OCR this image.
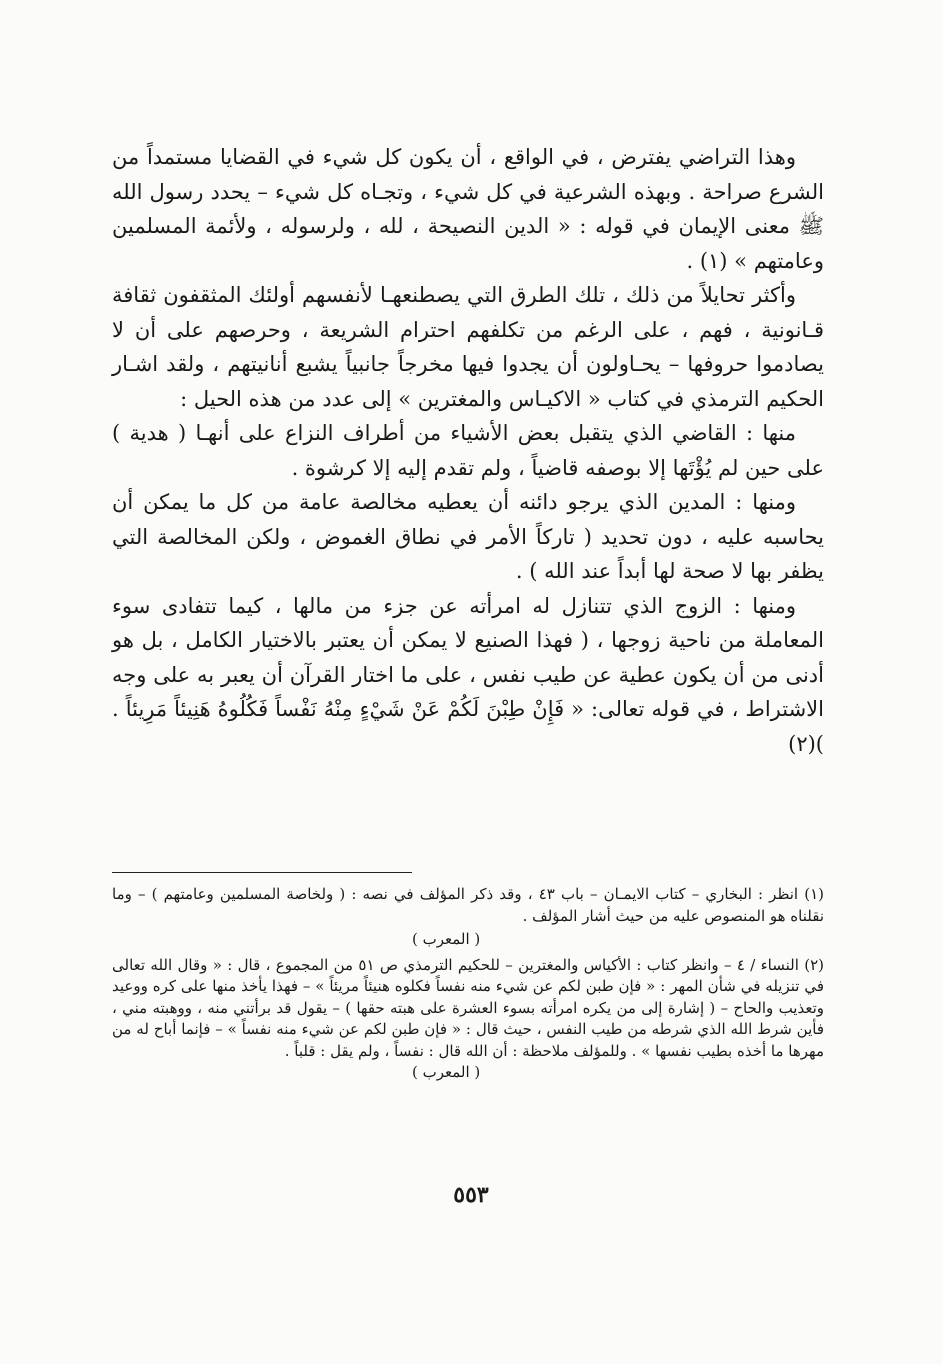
وهذا التراضي يفترض ، في الواقع ، أن يكون كل شيء في القضايا مستمداً من الشرع صراحة . وبهذه الشرعية في كل شيء ، وتجـاه كل شيء – يحدد رسول الله ﷺ معنى الإيمان في قوله : « الدين النصيحة ، لله ، ولرسوله ، ولأئمة المسلمين وعامتهم » (١) .

وأكثر تحايلاً من ذلك ، تلك الطرق التي يصطنعهـا لأنفسهم أولئك المثقفون ثقافة قـانونية ، فهم ، على الرغم من تكلفهم احترام الشريعة ، وحرصهم على أن لا يصادموا حروفها – يحـاولون أن يجدوا فيها مخرجاً جانبياً يشبع أنانيتهم ، ولقد اشـار الحكيم الترمذي في كتاب « الاكيـاس والمغترين » إلى عدد من هذه الحيل :

منها : القاضي الذي يتقبل بعض الأشياء من أطراف النزاع على أنهـا ( هدية ) على حين لم يُؤْتَها إلا بوصفه قاضياً ، ولم تقدم إليه إلا كرشوة .

ومنها : المدين الذي يرجو دائنه أن يعطيه مخالصة عامة من كل ما يمكن أن يحاسبه عليه ، دون تحديد ( تاركاً الأمر في نطاق الغموض ، ولكن المخالصة التي يظفر بها لا صحة لها أبداً عند الله ) .

ومنها : الزوج الذي تتنازل له امرأته عن جزء من مالها ، كيما تتفادى سوء المعاملة من ناحية زوجها ، ( فهذا الصنيع لا يمكن أن يعتبر بالاختيار الكامل ، بل هو أدنى من أن يكون عطية عن طيب نفس ، على ما اختار القرآن أن يعبر به على وجه الاشتراط ، في قوله تعالى: « فَإِنْ طِبْنَ لَكُمْ عَنْ شَيْءٍ مِنْهُ نَفْساً فَكُلُوهُ هَنِيئاً مَرِيئاً . )(٢)

(١) انظر : البخاري – كتاب الايمـان – باب ٤٣ ، وقد ذكر المؤلف في نصه : ( ولخاصة المسلمين وعامتهم ) – وما نقلناه هو المنصوص عليه من حيث أشار المؤلف .

( المعرب )

(٢) النساء / ٤ – وانظر كتاب : الأكياس والمغترين – للحكيم الترمذي ص ٥١ من المجموع ، قال : « وقال الله تعالى في تنزيله في شأن المهر : « فإن طبن لكم عن شيء منه نفساً فكلوه هنيئاً مريئاً » – فهذا يأخذ منها على كره ووعيد وتعذيب والحاح – ( إشارة إلى من يكره امرأته بسوء العشرة على هبته حقها ) – يقول قد برأتني منه ، ووهبته مني ، فأين شرط الله الذي شرطه من طيب النفس ، حيث قال : « فإن طبن لكم عن شيء منه نفساً » – فإنما أباح له من مهرها ما أخذه بطيب نفسها » . وللمؤلف ملاحظة : أن الله قال : نفساً ، ولم يقل : قلباً .

( المعرب )

٥٥٣
